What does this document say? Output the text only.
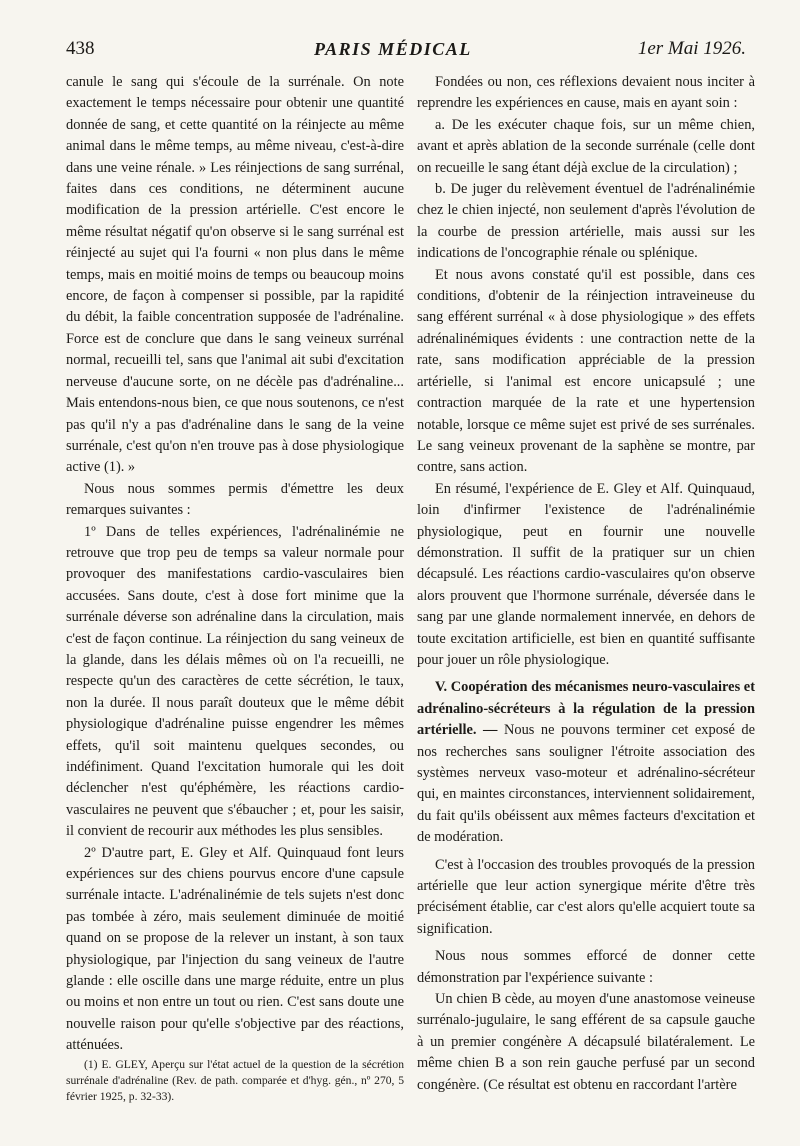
438	PARIS MÉDICAL	1er Mai 1926.

canule le sang qui s'écoule de la surrénale. On note exactement le temps nécessaire pour obtenir une quantité donnée de sang, et cette quantité on la réinjecte au même animal dans le même temps, au même niveau, c'est-à-dire dans une veine rénale. » Les réinjections de sang surrénal, faites dans ces conditions, ne déterminent aucune modification de la pression artérielle. C'est encore le même résultat négatif qu'on observe si le sang surrénal est réinjecté au sujet qui l'a fourni « non plus dans le même temps, mais en moitié moins de temps ou beaucoup moins encore, de façon à compenser si possible, par la rapidité du débit, la faible concentration supposée de l'adrénaline. Force est de conclure que dans le sang veineux surrénal normal, recueilli tel, sans que l'animal ait subi d'excitation nerveuse d'aucune sorte, on ne décèle pas d'adrénaline... Mais entendons-nous bien, ce que nous soutenons, ce n'est pas qu'il n'y a pas d'adrénaline dans le sang de la veine surrénale, c'est qu'on n'en trouve pas à dose physiologique active (1). »

Nous nous sommes permis d'émettre les deux remarques suivantes :

1º Dans de telles expériences, l'adrénalinémie ne retrouve que trop peu de temps sa valeur normale pour provoquer des manifestations cardio-vasculaires bien accusées. Sans doute, c'est à dose fort minime que la surrénale déverse son adrénaline dans la circulation, mais c'est de façon continue. La réinjection du sang veineux de la glande, dans les délais mêmes où on l'a recueilli, ne respecte qu'un des caractères de cette sécrétion, le taux, non la durée. Il nous paraît douteux que le même débit physiologique d'adrénaline puisse engendrer les mêmes effets, qu'il soit maintenu quelques secondes, ou indéfiniment. Quand l'excitation humorale qui les doit déclencher n'est qu'éphémère, les réactions cardio-vasculaires ne peuvent que s'ébaucher ; et, pour les saisir, il convient de recourir aux méthodes les plus sensibles.

2º D'autre part, E. Gley et Alf. Quinquaud font leurs expériences sur des chiens pourvus encore d'une capsule surrénale intacte. L'adrénalinémie de tels sujets n'est donc pas tombée à zéro, mais seulement diminuée de moitié quand on se propose de la relever un instant, à son taux physiologique, par l'injection du sang veineux de l'autre glande : elle oscille dans une marge réduite, entre un plus ou moins et non entre un tout ou rien. C'est sans doute une nouvelle raison pour qu'elle s'objective par des réactions, atténuées.

(1) E. GLEY, Aperçu sur l'état actuel de la question de la sécrétion surrénale d'adrénaline (Rev. de path. comparée et d'hyg. gén., nº 270, 5 février 1925, p. 32-33).

Fondées ou non, ces réflexions devaient nous inciter à reprendre les expériences en cause, mais en ayant soin :

a. De les exécuter chaque fois, sur un même chien, avant et après ablation de la seconde surrénale (celle dont on recueille le sang étant déjà exclue de la circulation) ;

b. De juger du relèvement éventuel de l'adrénalinémie chez le chien injecté, non seulement d'après l'évolution de la courbe de pression artérielle, mais aussi sur les indications de l'oncographie rénale ou splénique.

Et nous avons constaté qu'il est possible, dans ces conditions, d'obtenir de la réinjection intraveineuse du sang efférent surrénal « à dose physiologique » des effets adrénalinémiques évidents : une contraction nette de la rate, sans modification appréciable de la pression artérielle, si l'animal est encore unicapsulé ; une contraction marquée de la rate et une hypertension notable, lorsque ce même sujet est privé de ses surrénales. Le sang veineux provenant de la saphène se montre, par contre, sans action.

En résumé, l'expérience de E. Gley et Alf. Quinquaud, loin d'infirmer l'existence de l'adrénalinémie physiologique, peut en fournir une nouvelle démonstration. Il suffit de la pratiquer sur un chien décapsulé. Les réactions cardio-vasculaires qu'on observe alors prouvent que l'hormone surrénale, déversée dans le sang par une glande normalement innervée, en dehors de toute excitation artificielle, est bien en quantité suffisante pour jouer un rôle physiologique.

V. Coopération des mécanismes neuro-vasculaires et adrénalino-sécréteurs à la régulation de la pression artérielle. — Nous ne pouvons terminer cet exposé de nos recherches sans souligner l'étroite association des systèmes nerveux vaso-moteur et adrénalino-sécréteur qui, en maintes circonstances, interviennent solidairement, du fait qu'ils obéissent aux mêmes facteurs d'excitation et de modération.

C'est à l'occasion des troubles provoqués de la pression artérielle que leur action synergique mérite d'être très précisément établie, car c'est alors qu'elle acquiert toute sa signification.

Nous nous sommes efforcé de donner cette démonstration par l'expérience suivante :

Un chien B cède, au moyen d'une anastomose veineuse surrénalo-jugulaire, le sang efférent de sa capsule gauche à un premier congénère A décapsulé bilatéralement. Le même chien B a son rein gauche perfusé par un second congénère. (Ce résultat est obtenu en raccordant l'artère
